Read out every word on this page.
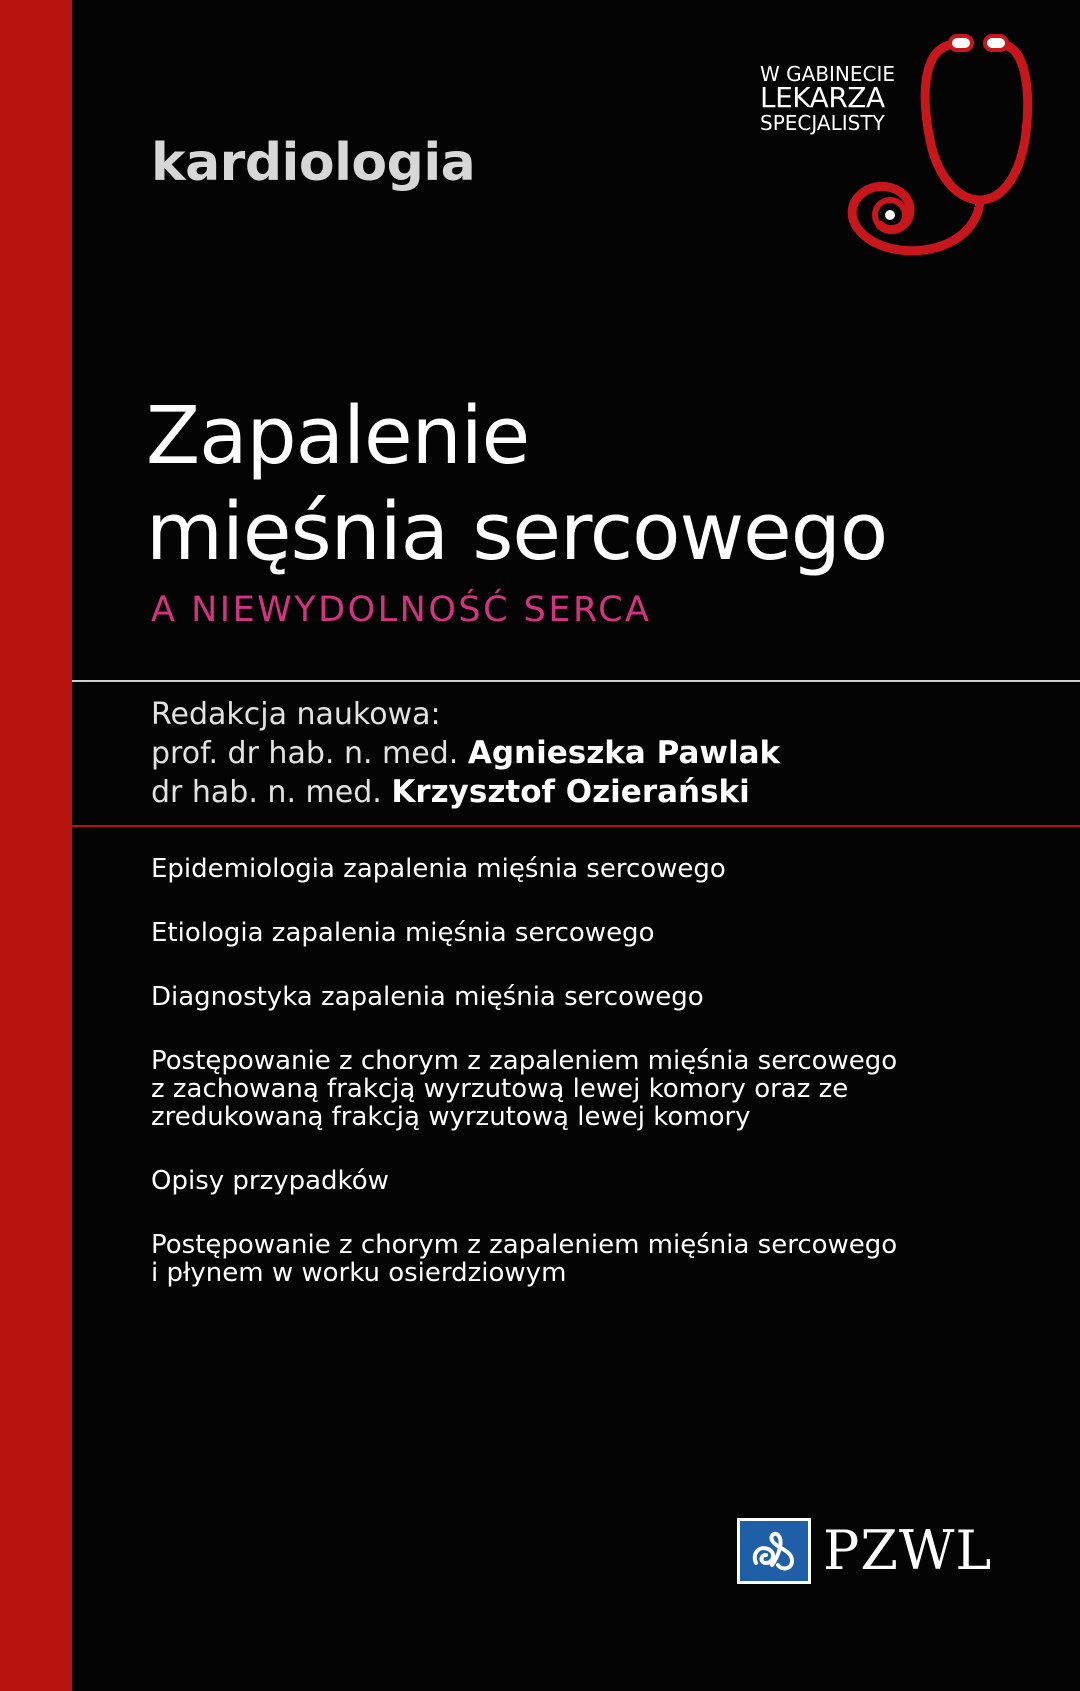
kardiologia
W GABINECIE
LEKARZA
SPECJALISTY
Zapalenie
mięśnia sercowego
A NIEWYDOLNOŚĆ SERCA
Redakcja naukowa:
prof. dr hab. n. med. Agnieszka Pawlak
dr hab. n. med. Krzysztof Ozierański
Epidemiologia zapalenia mięśnia sercowego
Etiologia zapalenia mięśnia sercowego
Diagnostyka zapalenia mięśnia sercowego
Postępowanie z chorym z zapaleniem mięśnia sercowego
z zachowaną frakcją wyrzutową lewej komory oraz ze
zredukowaną frakcją wyrzutową lewej komory
Opisy przypadków
Postępowanie z chorym z zapaleniem mięśnia sercowego
i płynem w worku osierdziowym
PZWL
